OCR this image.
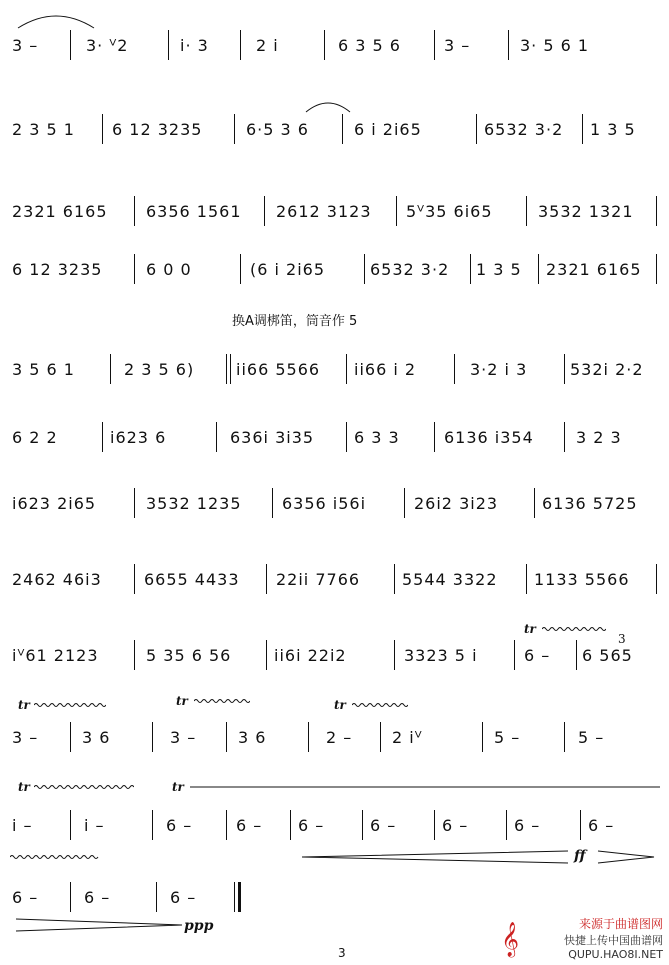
3 –	3· ⱽ2	i· 3	2 i	6 3 5 6	3 –	3· 5 6 1
2 3 5 1 6 12 3235	6·5 3 6	6 i 2i65	6532 3·2 1 3 5
2321 6165 6356 1561 2612 3123 5ⱽ35 6i65	3532 1321
6 12 3235	6 0 0	(6 i 2i65	6532 3·2 1 3 5 2321 6165
换A调梆笛，筒音作 5
3 5 6 1	2 3 5 6)	ii66 5566 ii66 i 2	3·2 i 3	532i 2·2
6 2 2	i623 6	636i 3i35 6 3 3	6136 i354	3 2 3
i623 2i65	3532 1235	6356 i56i	26i2 3i23	6136 5725
2462 46i3	6655 4433 22ii 7766	5544 3322 1133 5566
iⱽ61 2123	5 35 6 56	ii6i 22i2	3323 5 i	6 – 6 565
tr
3
3 –	3 6	3 –	3 6	2 – 2 iⱽ	5 –	5 –
tr	tr	tr
i –	i –	6 –	6 – 6 –	6 –	6 –	6 –	6 –
tr	tr
ff
6 –	6 –	6 –
ppp
3	𝄞	来源于曲谱图网
快捷上传中国曲谱网
QUPU.HAO8I.NET
